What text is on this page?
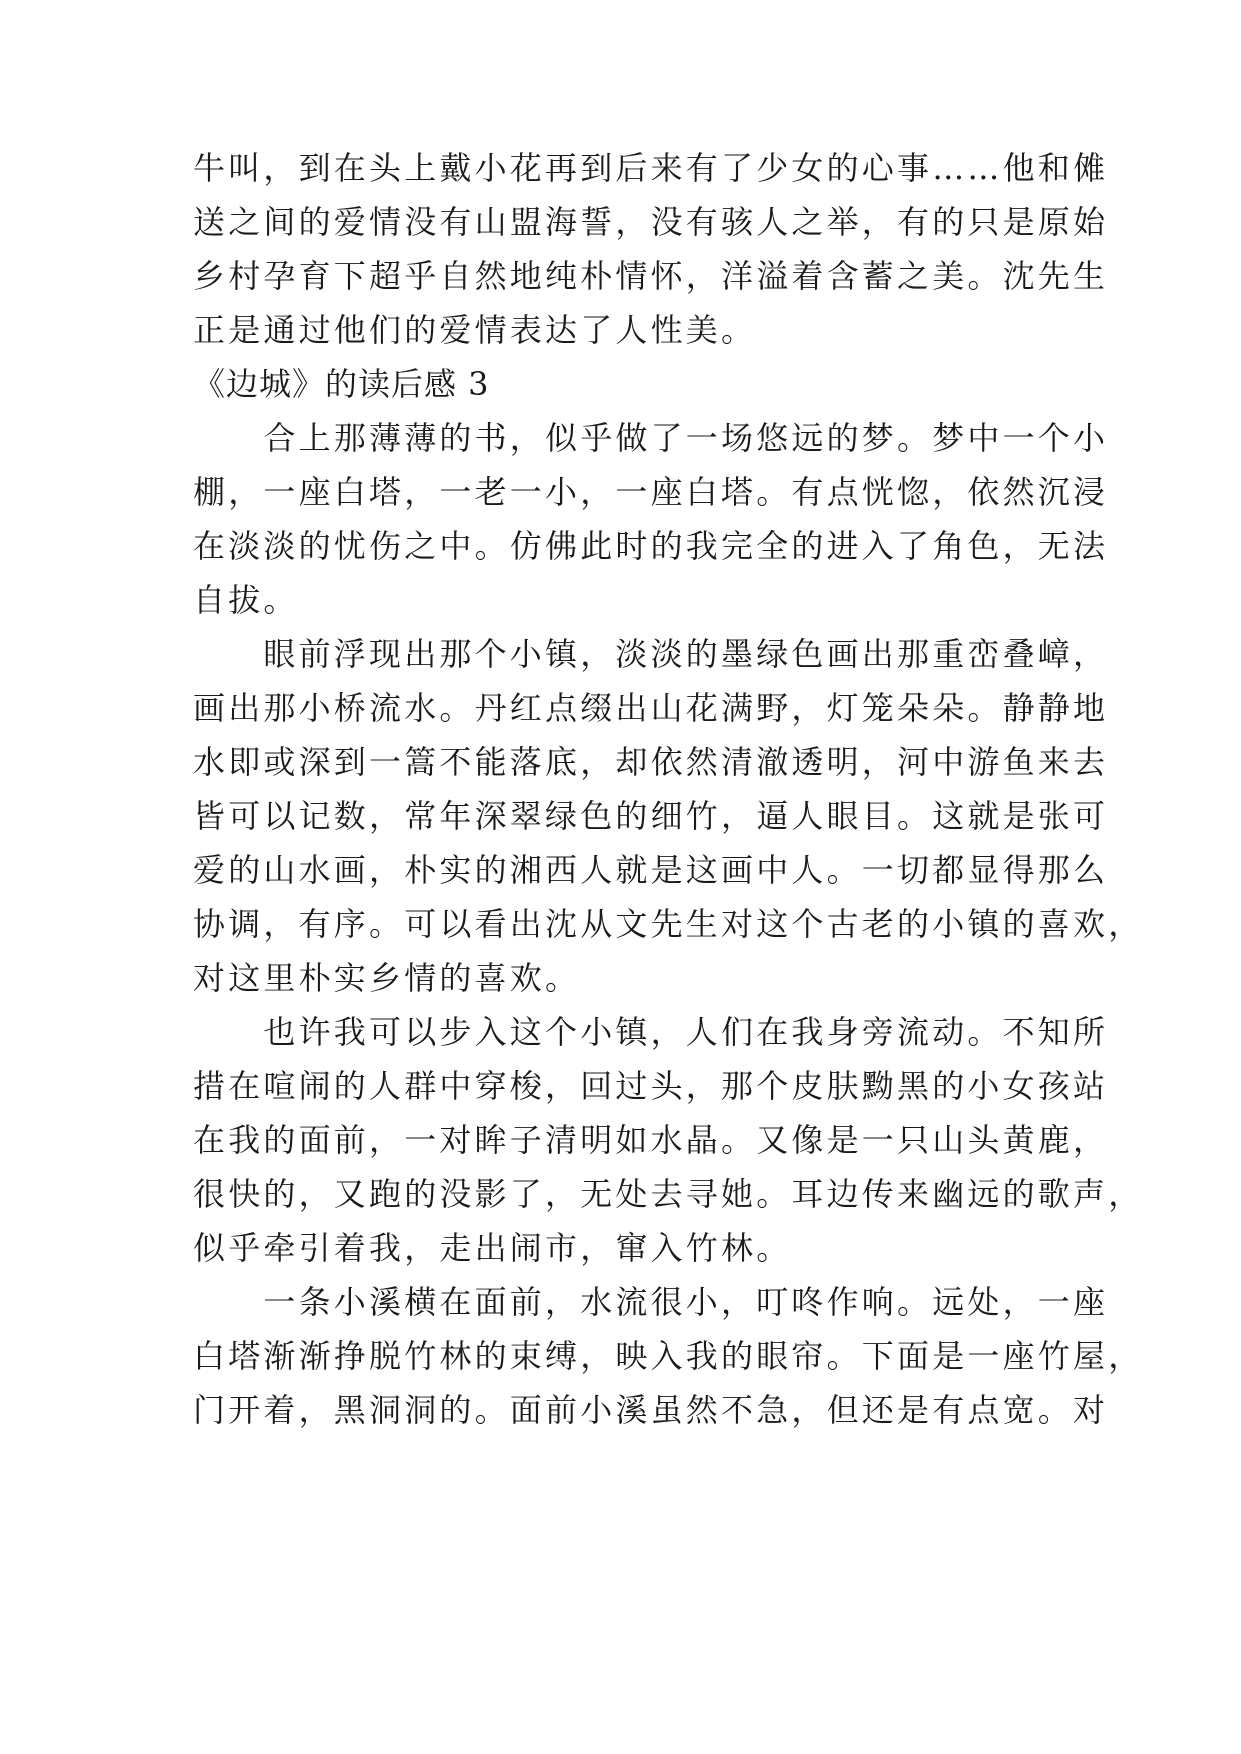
牛叫，到在头上戴小花再到后来有了少女的心事……他和傩
送之间的爱情没有山盟海誓，没有骇人之举，有的只是原始
乡村孕育下超乎自然地纯朴情怀，洋溢着含蓄之美。沈先生
正是通过他们的爱情表达了人性美。
《边城》的读后感 3
　　合上那薄薄的书，似乎做了一场悠远的梦。梦中一个小
棚，一座白塔，一老一小，一座白塔。有点恍惚，依然沉浸
在淡淡的忧伤之中。仿佛此时的我完全的进入了角色，无法
自拔。
　　眼前浮现出那个小镇，淡淡的墨绿色画出那重峦叠嶂，
画出那小桥流水。丹红点缀出山花满野，灯笼朵朵。静静地
水即或深到一篙不能落底，却依然清澈透明，河中游鱼来去
皆可以记数，常年深翠绿色的细竹，逼人眼目。这就是张可
爱的山水画，朴实的湘西人就是这画中人。一切都显得那么
协调，有序。可以看出沈从文先生对这个古老的小镇的喜欢，
对这里朴实乡情的喜欢。
　　也许我可以步入这个小镇，人们在我身旁流动。不知所
措在喧闹的人群中穿梭，回过头，那个皮肤黝黑的小女孩站
在我的面前，一对眸子清明如水晶。又像是一只山头黄鹿，
很快的，又跑的没影了，无处去寻她。耳边传来幽远的歌声，
似乎牵引着我，走出闹市，窜入竹林。
　　一条小溪横在面前，水流很小，叮咚作响。远处，一座
白塔渐渐挣脱竹林的束缚，映入我的眼帘。下面是一座竹屋，
门开着，黑洞洞的。面前小溪虽然不急，但还是有点宽。对
